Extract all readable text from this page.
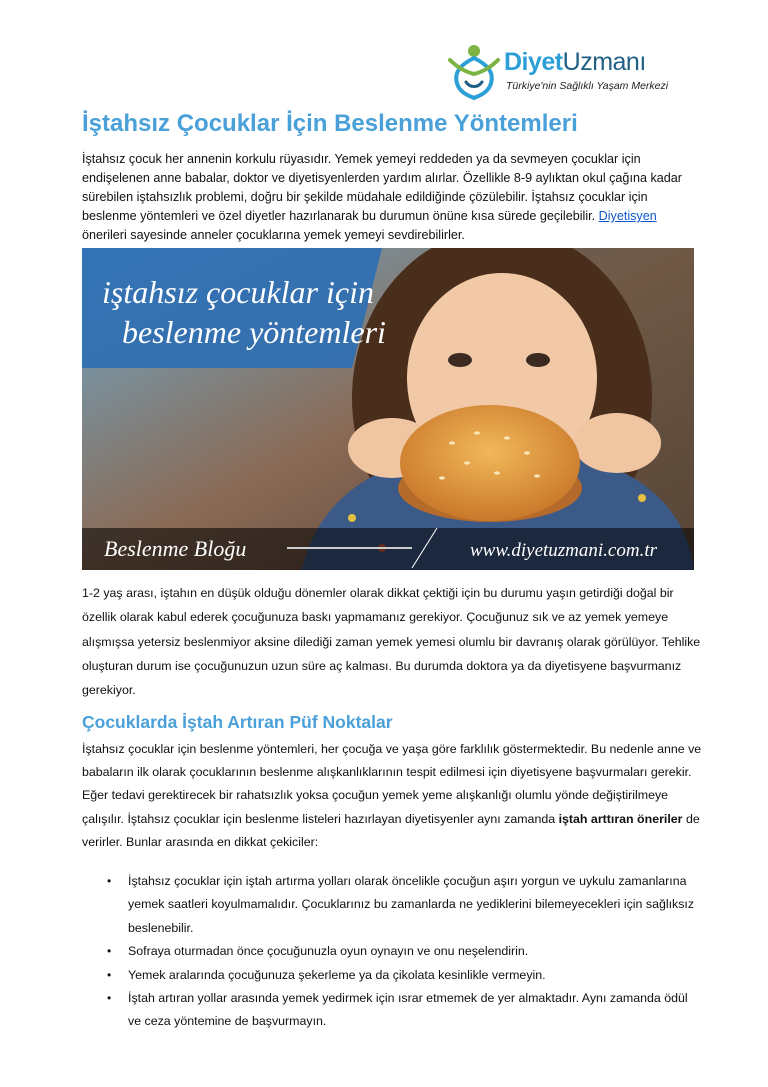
DiyetUzmanı
Türkiye'nin Sağlıklı Yaşam Merkezi
İştahsız Çocuklar İçin Beslenme Yöntemleri

İştahsız çocuk her annenin korkulu rüyasıdır. Yemek yemeyi reddeden ya da sevmeyen çocuklar için endişelenen anne babalar, doktor ve diyetisyenlerden yardım alırlar. Özellikle 8-9 aylıktan okul çağına kadar sürebilen iştahsızlık problemi, doğru bir şekilde müdahale edildiğinde çözülebilir. İştahsız çocuklar için beslenme yöntemleri ve özel diyetler hazırlanarak bu durumun önüne kısa sürede geçilebilir. Diyetisyen önerileri sayesinde anneler çocuklarına yemek yemeyi sevdirebilirler.

iştahsız çocuklar için
beslenme yöntemleri
Beslenme Bloğu	www.diyetuzmani.com.tr

1-2 yaş arası, iştahın en düşük olduğu dönemler olarak dikkat çektiği için bu durumu yaşın getirdiği doğal bir özellik olarak kabul ederek çocuğunuza baskı yapmamanız gerekiyor. Çocuğunuz sık ve az yemek yemeye alışmışsa yetersiz beslenmiyor aksine dilediği zaman yemek yemesi olumlu bir davranış olarak görülüyor. Tehlike oluşturan durum ise çocuğunuzun uzun süre aç kalması. Bu durumda doktora ya da diyetisyene başvurmanız gerekiyor.

Çocuklarda İştah Artıran Püf Noktalar

İştahsız çocuklar için beslenme yöntemleri, her çocuğa ve yaşa göre farklılık göstermektedir. Bu nedenle anne ve babaların ilk olarak çocuklarının beslenme alışkanlıklarının tespit edilmesi için diyetisyene başvurmaları gerekir. Eğer tedavi gerektirecek bir rahatsızlık yoksa çocuğun yemek yeme alışkanlığı olumlu yönde değiştirilmeye çalışılır. İştahsız çocuklar için beslenme listeleri hazırlayan diyetisyenler aynı zamanda iştah arttıran öneriler de verirler. Bunlar arasında en dikkat çekiciler:

• İştahsız çocuklar için iştah artırma yolları olarak öncelikle çocuğun aşırı yorgun ve uykulu zamanlarına yemek saatleri koyulmamalıdır. Çocuklarınız bu zamanlarda ne yediklerini bilemeyecekleri için sağlıksız beslenebilir.
• Sofraya oturmadan önce çocuğunuzla oyun oynayın ve onu neşelendirin.
• Yemek aralarında çocuğunuza şekerleme ya da çikolata kesinlikle vermeyin.
• İştah artıran yollar arasında yemek yedirmek için ısrar etmemek de yer almaktadır. Aynı zamanda ödül ve ceza yöntemine de başvurmayın.
